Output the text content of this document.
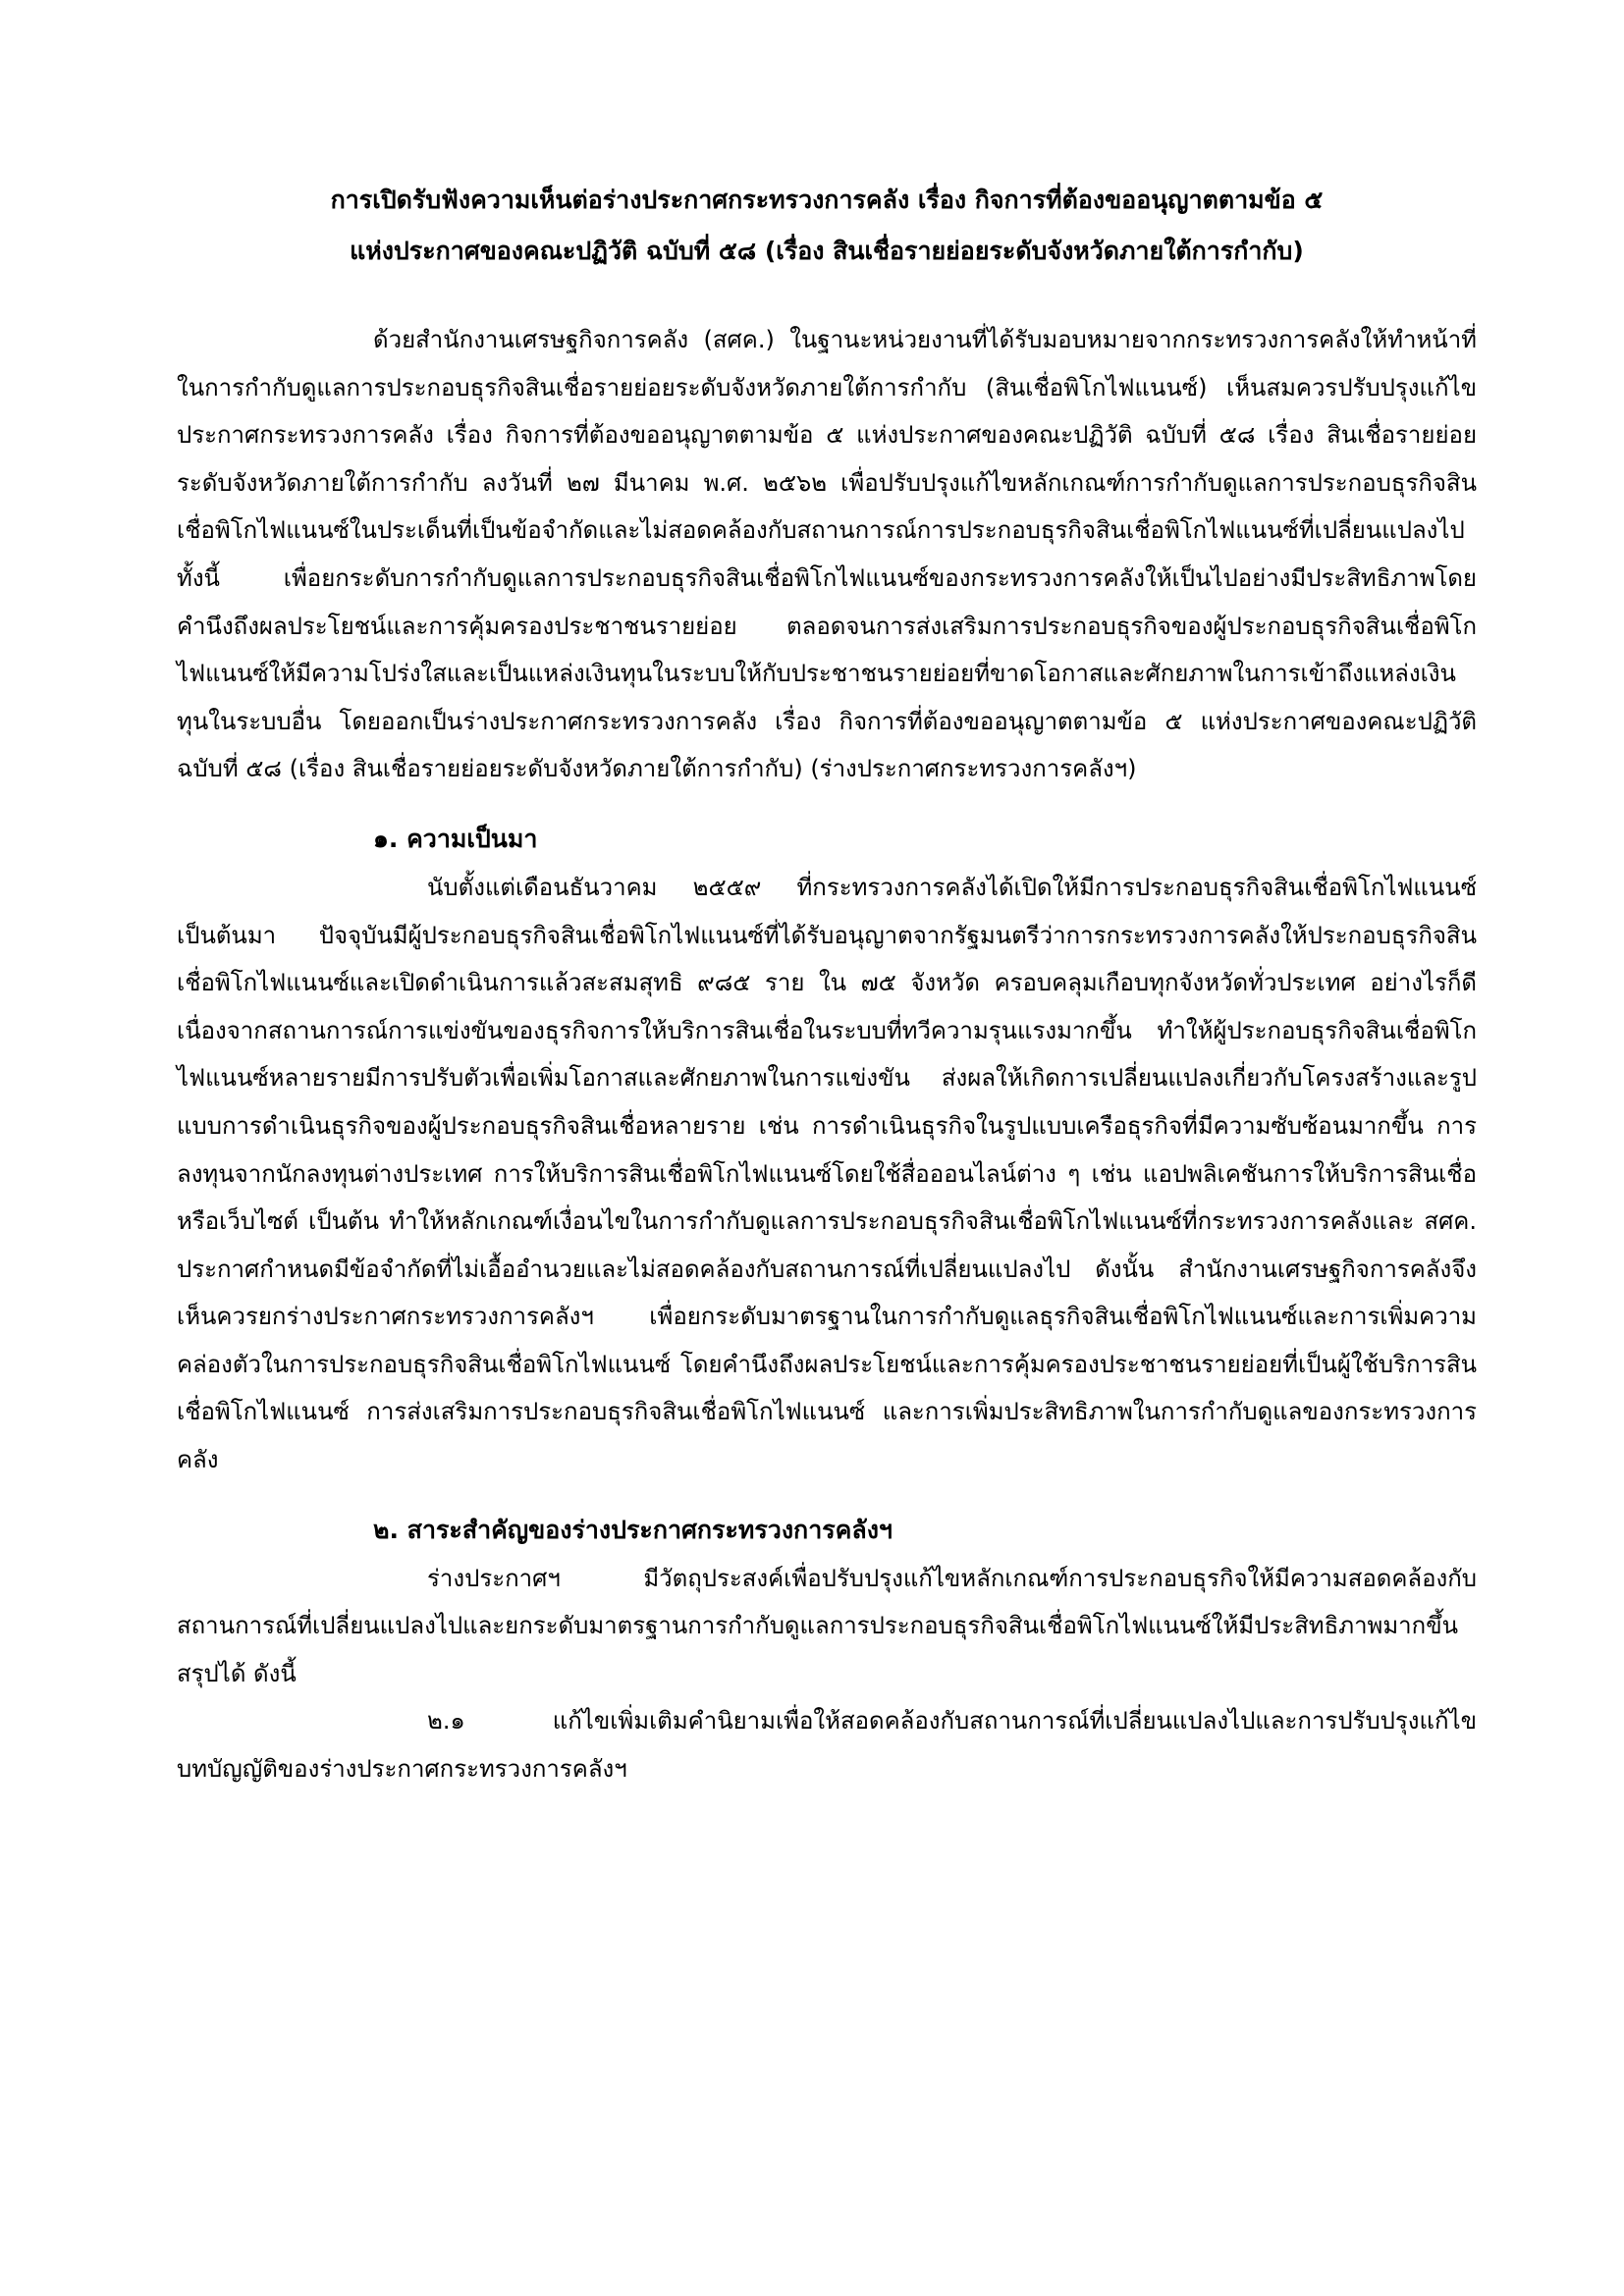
การเปิดรับฟังความเห็นต่อร่างประกาศกระทรวงการคลัง เรื่อง กิจการที่ต้องขออนุญาตตามข้อ ๕
แห่งประกาศของคณะปฏิวัติ ฉบับที่ ๕๘ (เรื่อง สินเชื่อรายย่อยระดับจังหวัดภายใต้การกำกับ)

ด้วยสำนักงานเศรษฐกิจการคลัง (สศค.) ในฐานะหน่วยงานที่ได้รับมอบหมายจากกระทรวงการคลังให้ทำหน้าที่ในการกำกับดูแลการประกอบธุรกิจสินเชื่อรายย่อยระดับจังหวัดภายใต้การกำกับ (สินเชื่อพิโกไฟแนนซ์) เห็นสมควรปรับปรุงแก้ไขประกาศกระทรวงการคลัง เรื่อง กิจการที่ต้องขออนุญาตตามข้อ ๕ แห่งประกาศของคณะปฏิวัติ ฉบับที่ ๕๘ เรื่อง สินเชื่อรายย่อยระดับจังหวัดภายใต้การกำกับ ลงวันที่ ๒๗ มีนาคม พ.ศ. ๒๕๖๒ เพื่อปรับปรุงแก้ไขหลักเกณฑ์การกำกับดูแลการประกอบธุรกิจสินเชื่อพิโกไฟแนนซ์ในประเด็นที่เป็นข้อจำกัดและไม่สอดคล้องกับสถานการณ์การประกอบธุรกิจสินเชื่อพิโกไฟแนนซ์ที่เปลี่ยนแปลงไป ทั้งนี้ เพื่อยกระดับการกำกับดูแลการประกอบธุรกิจสินเชื่อพิโกไฟแนนซ์ของกระทรวงการคลังให้เป็นไปอย่างมีประสิทธิภาพโดยคำนึงถึงผลประโยชน์และการคุ้มครองประชาชนรายย่อย ตลอดจนการส่งเสริมการประกอบธุรกิจของผู้ประกอบธุรกิจสินเชื่อพิโกไฟแนนซ์ให้มีความโปร่งใสและเป็นแหล่งเงินทุนในระบบให้กับประชาชนรายย่อยที่ขาดโอกาสและศักยภาพในการเข้าถึงแหล่งเงินทุนในระบบอื่น โดยออกเป็นร่างประกาศกระทรวงการคลัง เรื่อง กิจการที่ต้องขออนุญาตตามข้อ ๕ แห่งประกาศของคณะปฏิวัติ ฉบับที่ ๕๘ (เรื่อง สินเชื่อรายย่อยระดับจังหวัดภายใต้การกำกับ) (ร่างประกาศกระทรวงการคลังฯ)

๑. ความเป็นมา

นับตั้งแต่เดือนธันวาคม ๒๕๕๙ ที่กระทรวงการคลังได้เปิดให้มีการประกอบธุรกิจสินเชื่อพิโกไฟแนนซ์เป็นต้นมา ปัจจุบันมีผู้ประกอบธุรกิจสินเชื่อพิโกไฟแนนซ์ที่ได้รับอนุญาตจากรัฐมนตรีว่าการกระทรวงการคลังให้ประกอบธุรกิจสินเชื่อพิโกไฟแนนซ์และเปิดดำเนินการแล้วสะสมสุทธิ ๙๘๕ ราย ใน ๗๕ จังหวัด ครอบคลุมเกือบทุกจังหวัดทั่วประเทศ อย่างไรก็ดี เนื่องจากสถานการณ์การแข่งขันของธุรกิจการให้บริการสินเชื่อในระบบที่ทวีความรุนแรงมากขึ้น ทำให้ผู้ประกอบธุรกิจสินเชื่อพิโกไฟแนนซ์หลายรายมีการปรับตัวเพื่อเพิ่มโอกาสและศักยภาพในการแข่งขัน ส่งผลให้เกิดการเปลี่ยนแปลงเกี่ยวกับโครงสร้างและรูปแบบการดำเนินธุรกิจของผู้ประกอบธุรกิจสินเชื่อหลายราย เช่น การดำเนินธุรกิจในรูปแบบเครือธุรกิจที่มีความซับซ้อนมากขึ้น การลงทุนจากนักลงทุนต่างประเทศ การให้บริการสินเชื่อพิโกไฟแนนซ์โดยใช้สื่อออนไลน์ต่าง ๆ เช่น แอปพลิเคชันการให้บริการสินเชื่อ หรือเว็บไซต์ เป็นต้น ทำให้หลักเกณฑ์เงื่อนไขในการกำกับดูแลการประกอบธุรกิจสินเชื่อพิโกไฟแนนซ์ที่กระทรวงการคลังและ สศค. ประกาศกำหนดมีข้อจำกัดที่ไม่เอื้ออำนวยและไม่สอดคล้องกับสถานการณ์ที่เปลี่ยนแปลงไป ดังนั้น สำนักงานเศรษฐกิจการคลังจึงเห็นควรยกร่างประกาศกระทรวงการคลังฯ เพื่อยกระดับมาตรฐานในการกำกับดูแลธุรกิจสินเชื่อพิโกไฟแนนซ์และการเพิ่มความคล่องตัวในการประกอบธุรกิจสินเชื่อพิโกไฟแนนซ์ โดยคำนึงถึงผลประโยชน์และการคุ้มครองประชาชนรายย่อยที่เป็นผู้ใช้บริการสินเชื่อพิโกไฟแนนซ์ การส่งเสริมการประกอบธุรกิจสินเชื่อพิโกไฟแนนซ์ และการเพิ่มประสิทธิภาพในการกำกับดูแลของกระทรวงการคลัง

๒. สาระสำคัญของร่างประกาศกระทรวงการคลังฯ

ร่างประกาศฯ มีวัตถุประสงค์เพื่อปรับปรุงแก้ไขหลักเกณฑ์การประกอบธุรกิจให้มีความสอดคล้องกับสถานการณ์ที่เปลี่ยนแปลงไปและยกระดับมาตรฐานการกำกับดูแลการประกอบธุรกิจสินเชื่อพิโกไฟแนนซ์ให้มีประสิทธิภาพมากขึ้น สรุปได้ ดังนี้

๒.๑ แก้ไขเพิ่มเติมคำนิยามเพื่อให้สอดคล้องกับสถานการณ์ที่เปลี่ยนแปลงไปและการปรับปรุงแก้ไขบทบัญญัติของร่างประกาศกระทรวงการคลังฯ
